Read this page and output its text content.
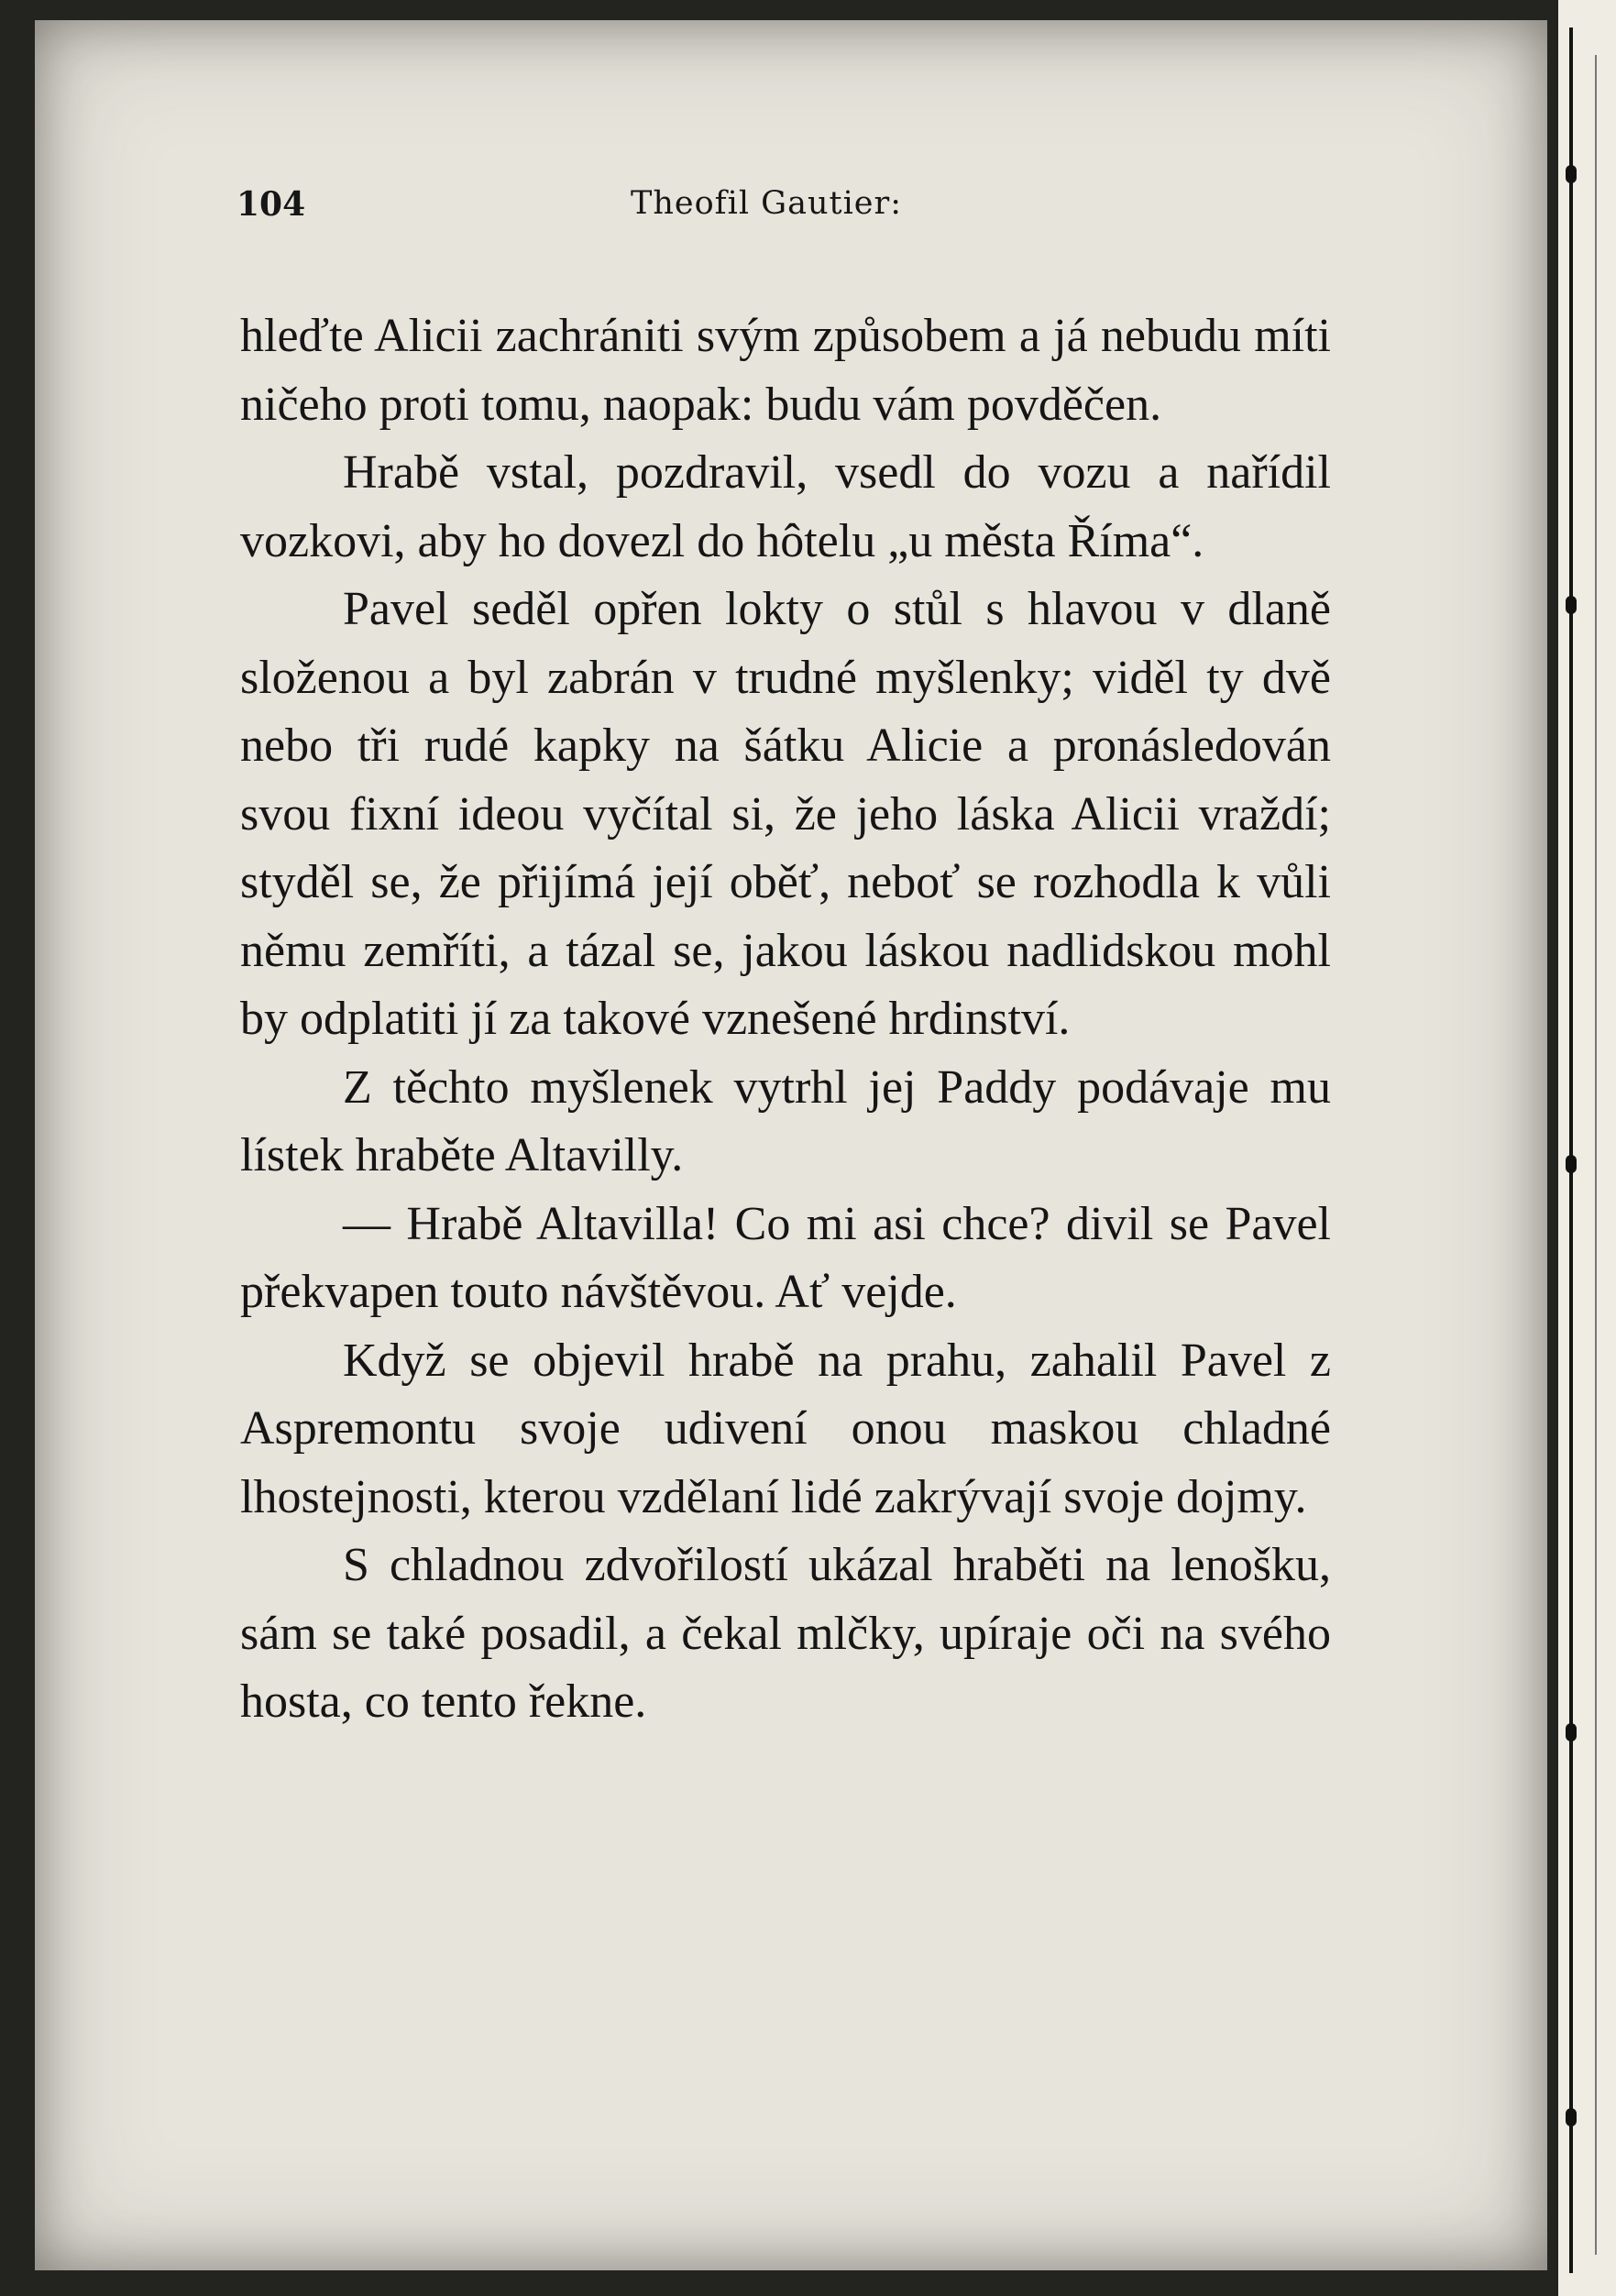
104	Theofil Gautier:

hleďte Alicii zachrániti svým způsobem a já nebudu míti ničeho proti tomu, naopak: budu vám povděčen.

Hrabě vstal, pozdravil, vsedl do vozu a nařídil vozkovi, aby ho dovezl do hôtelu „u města Říma“.

Pavel seděl opřen lokty o stůl s hlavou v dlaně složenou a byl zabrán v trudné myšlenky; viděl ty dvě nebo tři rudé kapky na šátku Alicie a pronásledován svou fixní ideou vyčítal si, že jeho láska Alicii vraždí; styděl se, že přijímá její oběť, neboť se rozhodla k vůli němu zemříti, a tázal se, jakou láskou nadlidskou mohl by odplatiti jí za takové vznešené hrdinství.

Z těchto myšlenek vytrhl jej Paddy podávaje mu lístek hraběte Altavilly.

— Hrabě Altavilla! Co mi asi chce? divil se Pavel překvapen touto návštěvou. Ať vejde.

Když se objevil hrabě na prahu, zahalil Pavel z Aspremontu svoje udivení onou maskou chladné lhostejnosti, kterou vzdělaní lidé zakrývají svoje dojmy.

S chladnou zdvořilostí ukázal hraběti na lenošku, sám se také posadil, a čekal mlčky, upíraje oči na svého hosta, co tento řekne.
